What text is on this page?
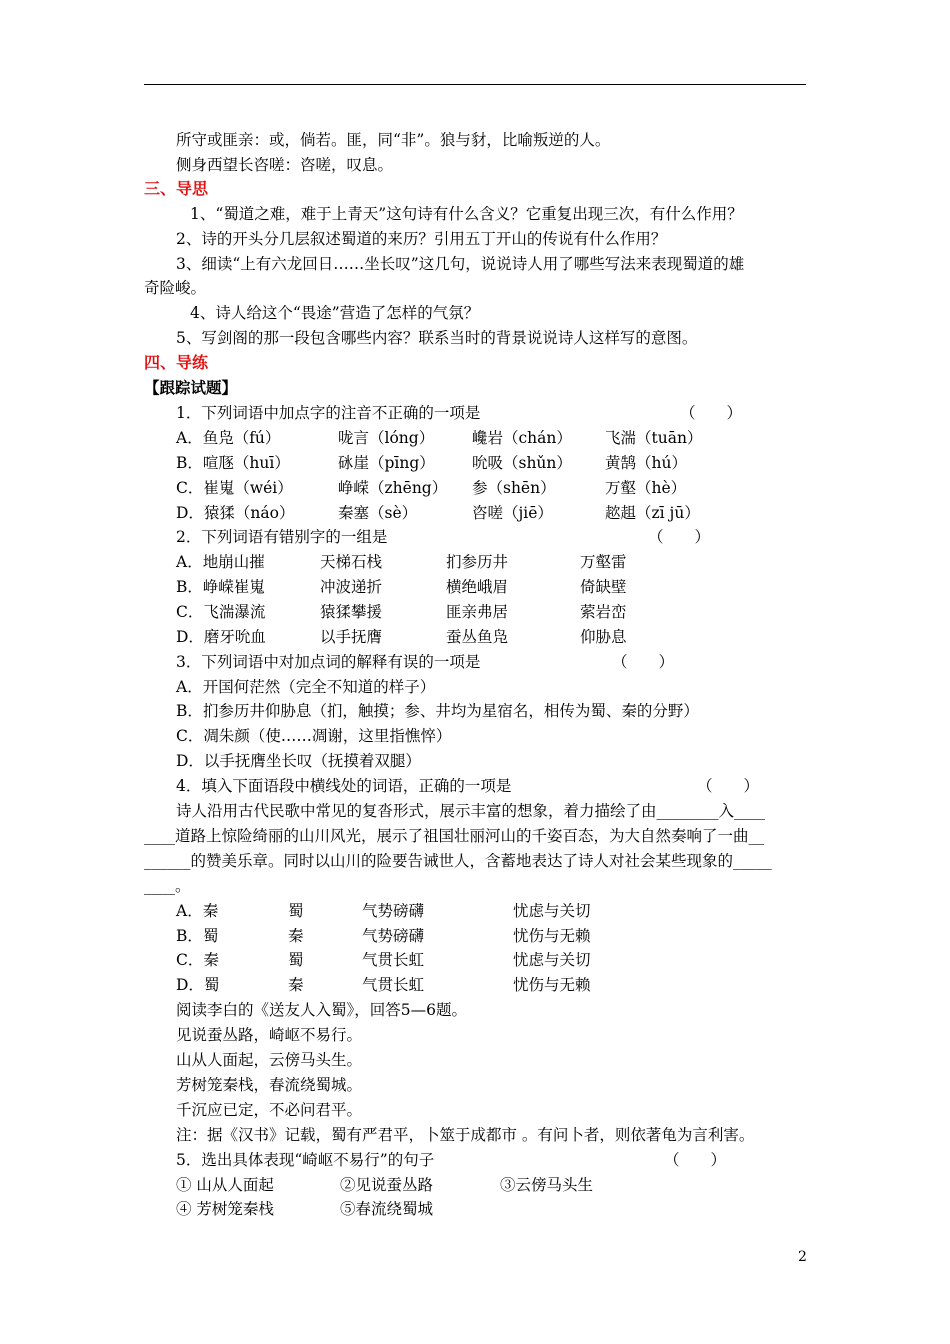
所守或匪亲：或，倘若。匪，同“非”。狼与豺，比喻叛逆的人。
侧身西望长咨嗟：咨嗟，叹息。
三、导思
1、“蜀道之难，难于上青天”这句诗有什么含义？它重复出现三次，有什么作用？
2、诗的开头分几层叙述蜀道的来历？引用五丁开山的传说有什么作用？
3、细读“上有六龙回日……坐长叹”这几句，说说诗人用了哪些写法来表现蜀道的雄
奇险峻。
4、诗人给这个“畏途”营造了怎样的气氛？
5、写剑阁的那一段包含哪些内容？联系当时的背景说说诗人这样写的意图。
四、导练
【跟踪试题】
1．下列词语中加点字的注音不正确的一项是	（　　）
A．鱼凫（fú）	咙言（lóng） 巉岩（chán） 飞湍（tuān）
B．喧豗（huī）	砯崖（pīng） 吮吸（shǔn） 黄鹄（hú）
C．崔嵬（wéi）	峥嵘（zhēng） 参（shēn）	万壑（hè）
D．猿猱（náo）	秦塞（sè）	咨嗟（jiē）	趑趄（zī jū）
2．下列词语有错别字的一组是	（　　）
A．地崩山摧	天梯石栈	扪参历井	万壑雷
B．峥嵘崔嵬	冲波递折	横绝峨眉	倚缺壁
C．飞湍瀑流	猿猱攀援	匪亲弗居	萦岩峦
D．磨牙吮血	以手抚膺	蚕丛鱼凫	仰胁息
3．下列词语中对加点词的解释有误的一项是	（　　）
A．开国何茫然（完全不知道的样子）
B．扪参历井仰胁息（扪，触摸；参、井均为星宿名，相传为蜀、秦的分野）
C．凋朱颜（使……凋谢，这里指憔悴）
D．以手抚膺坐长叹（抚摸着双腿）
4．填入下面语段中横线处的词语，正确的一项是	（　　）
诗人沿用古代民歌中常见的复沓形式，展示丰富的想象，着力描绘了由________入____
____道路上惊险绮丽的山川风光，展示了祖国壮丽河山的千姿百态，为大自然奏响了一曲__
______的赞美乐章。同时以山川的险要告诫世人，含蓄地表达了诗人对社会某些现象的_____
____。
A．秦	蜀	气势磅礴	忧虑与关切
B．蜀	秦	气势磅礴	忧伤与无赖
C．秦	蜀	气贯长虹	忧虑与关切
D．蜀	秦	气贯长虹	忧伤与无赖
阅读李白的《送友人入蜀》，回答5—6题。
见说蚕丛路，崎岖不易行。
山从人面起，云傍马头生。
芳树笼秦栈，春流绕蜀城。
千沉应已定，不必问君平。
注：据《汉书》记载，蜀有严君平，卜筮于成都市 。有问卜者，则依著龟为言利害。
5．选出具体表现“崎岖不易行”的句子	（　　）
① 山从人面起	②见说蚕丛路	③云傍马头生
④ 芳树笼秦栈	⑤春流绕蜀城
2
